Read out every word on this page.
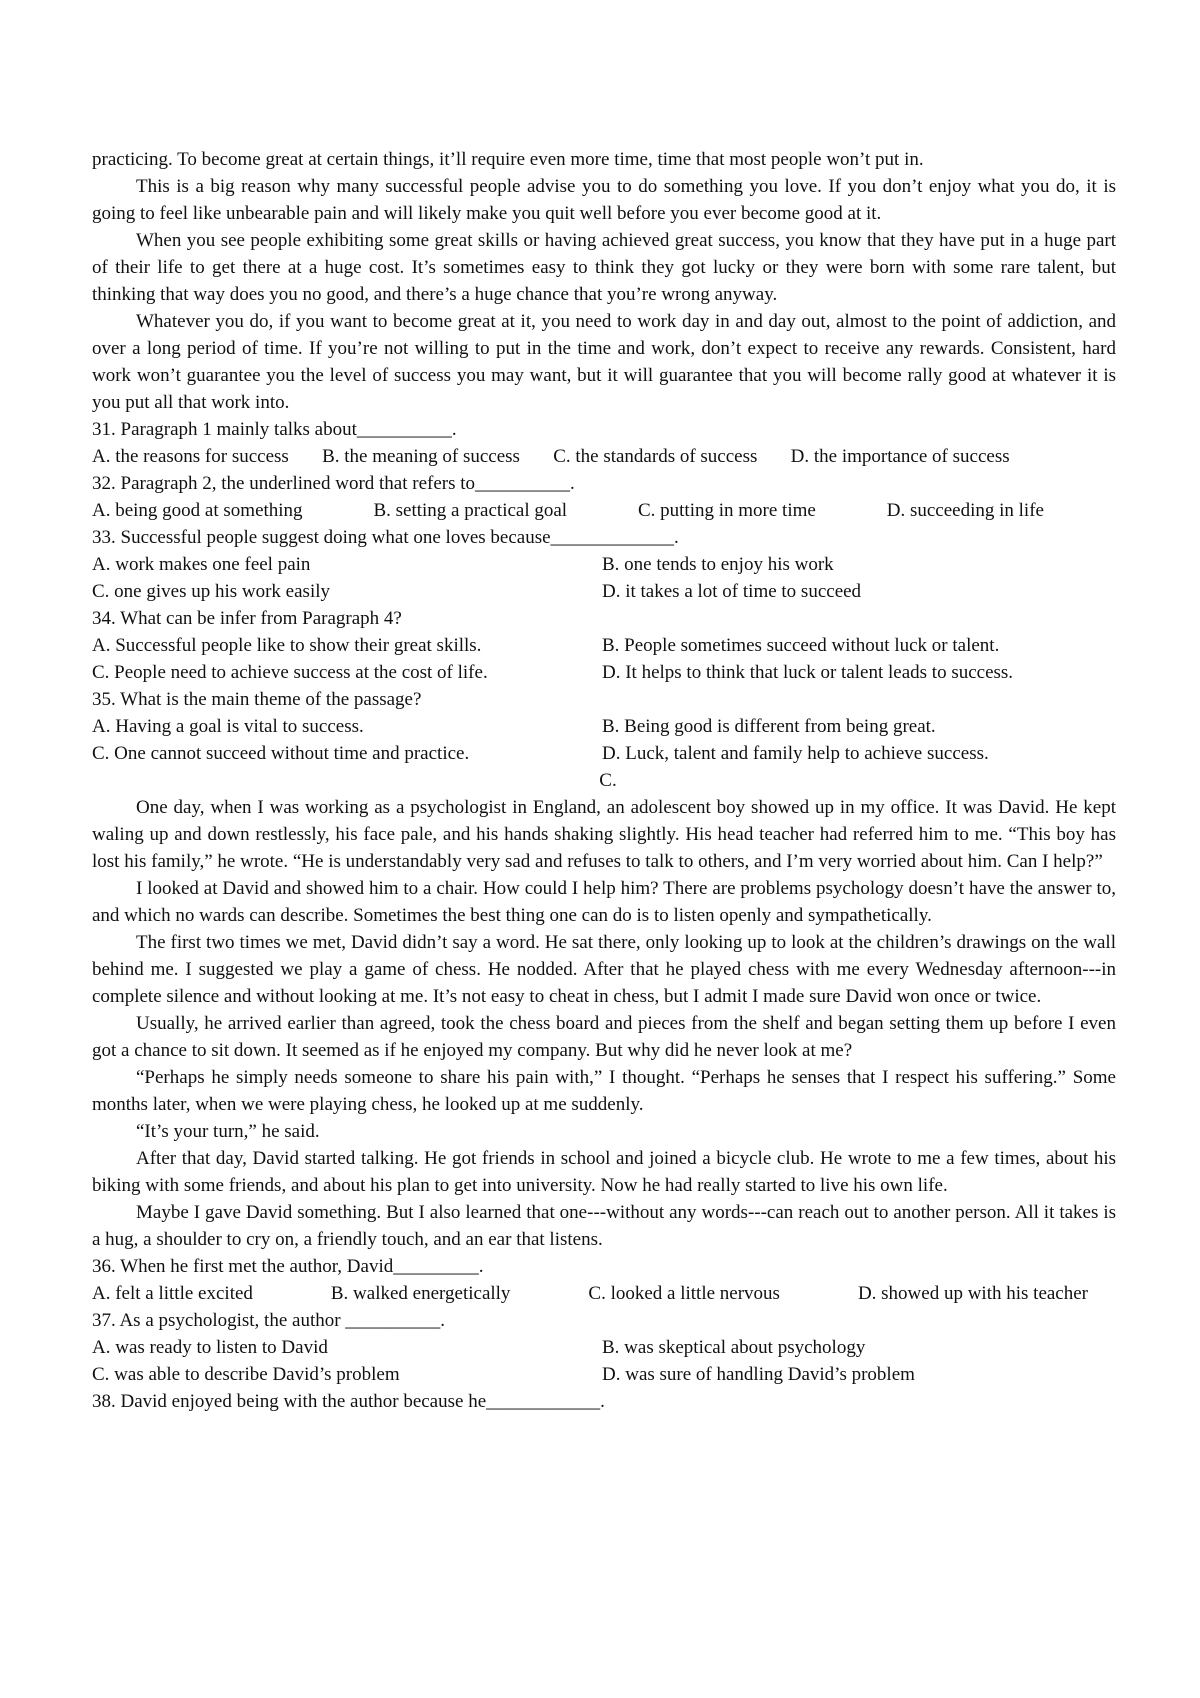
practicing. To become great at certain things, it’ll require even more time, time that most people won’t put in.

This is a big reason why many successful people advise you to do something you love. If you don’t enjoy what you do, it is going to feel like unbearable pain and will likely make you quit well before you ever become good at it.

When you see people exhibiting some great skills or having achieved great success, you know that they have put in a huge part of their life to get there at a huge cost. It’s sometimes easy to think they got lucky or they were born with some rare talent, but thinking that way does you no good, and there’s a huge chance that you’re wrong anyway.

Whatever you do, if you want to become great at it, you need to work day in and day out, almost to the point of addiction, and over a long period of time. If you’re not willing to put in the time and work, don’t expect to receive any rewards. Consistent, hard work won’t guarantee you the level of success you may want, but it will guarantee that you will become rally good at whatever it is you put all that work into.

31. Paragraph 1 mainly talks about__________.
A. the reasons for success B. the meaning of success C. the standards of success D. the importance of success
32. Paragraph 2, the underlined word that refers to__________.
A. being good at something	B. setting a practical goal	C. putting in more time	D. succeeding in life
33. Successful people suggest doing what one loves because_____________.
A. work makes one feel pain	B. one tends to enjoy his work
C. one gives up his work easily	D. it takes a lot of time to succeed
34. What can be infer from Paragraph 4?
A. Successful people like to show their great skills.	B. People sometimes succeed without luck or talent.
C. People need to achieve success at the cost of life.	D. It helps to think that luck or talent leads to success.
35. What is the main theme of the passage?
A. Having a goal is vital to success.	B. Being good is different from being great.
C. One cannot succeed without time and practice.	D. Luck, talent and family help to achieve success.
C.

One day, when I was working as a psychologist in England, an adolescent boy showed up in my office. It was David. He kept waling up and down restlessly, his face pale, and his hands shaking slightly. His head teacher had referred him to me. “This boy has lost his family,” he wrote. “He is understandably very sad and refuses to talk to others, and I’m very worried about him. Can I help?”

I looked at David and showed him to a chair. How could I help him? There are problems psychology doesn’t have the answer to, and which no wards can describe. Sometimes the best thing one can do is to listen openly and sympathetically.

The first two times we met, David didn’t say a word. He sat there, only looking up to look at the children’s drawings on the wall behind me. I suggested we play a game of chess. He nodded. After that he played chess with me every Wednesday afternoon---in complete silence and without looking at me. It’s not easy to cheat in chess, but I admit I made sure David won once or twice.

Usually, he arrived earlier than agreed, took the chess board and pieces from the shelf and began setting them up before I even got a chance to sit down. It seemed as if he enjoyed my company. But why did he never look at me?

“Perhaps he simply needs someone to share his pain with,” I thought. “Perhaps he senses that I respect his suffering.” Some months later, when we were playing chess, he looked up at me suddenly.

“It’s your turn,” he said.

After that day, David started talking. He got friends in school and joined a bicycle club. He wrote to me a few times, about his biking with some friends, and about his plan to get into university. Now he had really started to live his own life.

Maybe I gave David something. But I also learned that one---without any words---can reach out to another person. All it takes is a hug, a shoulder to cry on, a friendly touch, and an ear that listens.

36. When he first met the author, David_________.
A. felt a little excited	B. walked energetically	C. looked a little nervous	D. showed up with his teacher
37. As a psychologist, the author __________.
A. was ready to listen to David	B. was skeptical about psychology
C. was able to describe David’s problem	D. was sure of handling David’s problem
38. David enjoyed being with the author because he____________.
